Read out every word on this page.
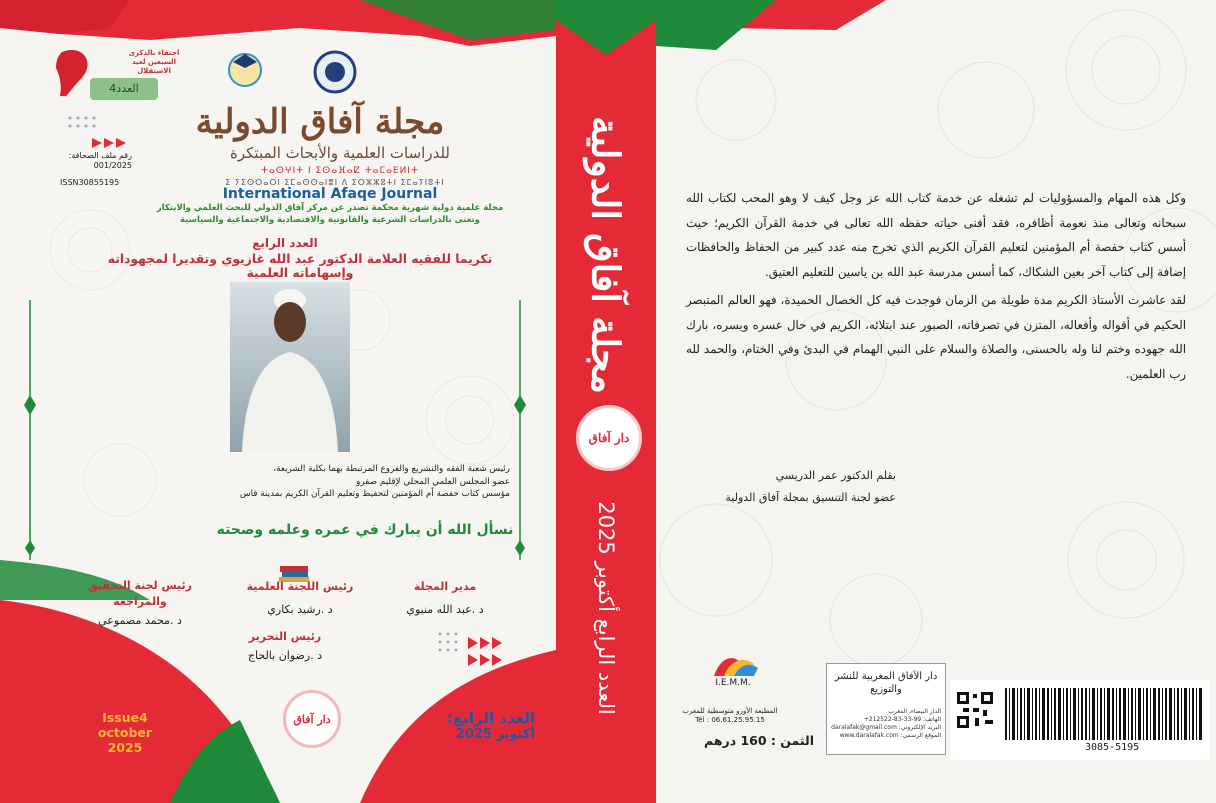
احتفاء بالذكرى السبعين لعيد الاستقلال
العدد4
رقم ملف الصحافة: 001/2025
ISSN30855195
مجلة آفاق الدولية
للدراسات العلمية والأبحاث المبتكرة
ⵜⴰⵙⵖⵏⵜ ⵏ ⵉⵙⴰⴼⴰⵇ ⵜⴰⵎⴰⴹⵍⵏⵜ
ⵉ ⵢⵉⵙⵔⴰⵔⵏ ⵉⵎⴰⵙⵙⴰⵏⴻⵏ ⴷ ⵉⵔⵣⵣⵓⵜⵏ ⵉⵎⴰⵢⵏⵓⵜⵏ
International Afaqe Journal
مجلة علمية دولية شهرية محكمة تصدر عن مركز آفاق الدولي للبحث العلمي والابتكار
وتعنى بالدراسات الشرعية والقانونية والاقتصادية والاجتماعية والسياسية
العدد الرابع
تكريما للفقيه العلامة الدكتور عبد الله غازيوي وتقديرا لمجهوداته وإسهاماته العلمية
رئيس شعبة الفقه والتشريع والفروع المرتبطة بهما بكلية الشريعة،
عضو المجلس العلمي المحلي لإقليم صفرو
مؤسس كتاب حفصة أم المؤمنين لتحفيظ وتعليم القرآن الكريم بمدينة فاس
نسأل الله أن يبارك في عمره وعلمه وصحته
مدير المجلة
د .عبد الله منيوي
رئيس اللجنة العلمية
د .رشيد بكاري
رئيس لجنة التحقيق والمراجعة
د .محمد مصموعي
رئيس التحرير
د .رضوان بالحاج
Issue4
october
2025
دار آفاق	العدد الرابع:
أكتوبر 2025
مجلة آفاق الدولية
دار آفاق
العدد الرابع أكتوبر 2025

وكل هذه المهام والمسؤوليات لم تشغله عن خدمة كتاب الله عز وجل كيف لا وهو المحب لكتاب الله سبحانه وتعالى منذ نعومة أظافره، فقد أفنى حياته حفظه الله تعالى في خدمة القرآن الكريم؛ حيث أسس كتاب حفصة أم المؤمنين لتعليم القرآن الكريم الذي تخرج منه عدد كبير من الحفاظ والحافظات إضافة إلى كتاب آخر بعين الشكاك، كما أسس مدرسة عبد الله بن ياسين للتعليم العتيق.

لقد عاشرت الأستاذ الكريم مدة طويلة من الزمان فوجدت فيه كل الخصال الحميدة، فهو العالم المتبصر الحكيم في أقواله وأفعاله، المتزن في تصرفاته، الصبور عند ابتلائه، الكريم في حال عسره ويسره، بارك الله جهوده وختم لنا وله بالحسنى، والصلاة والسلام على النبي الهمام في البدئ وفي الختام، والحمد لله رب العلمين.

بقلم الدكتور عمر الدريسي
عضو لجنة التنسيق بمجلة آفاق الدولية
I.E.M.M.
المطبعة الأورو متوسطية للمغرب
Tél : 06.61.25.95.15
الثمن : 160 درهم
دار الآفاق المغربية للنشر والتوزيع
الدار البيضاء، المغرب
الهاتف: 99-33-83-212522+
البريد الإلكتروني: daralafak@gmail.com
الموقع الرسمي: www.daralafak.com
3085-5195
